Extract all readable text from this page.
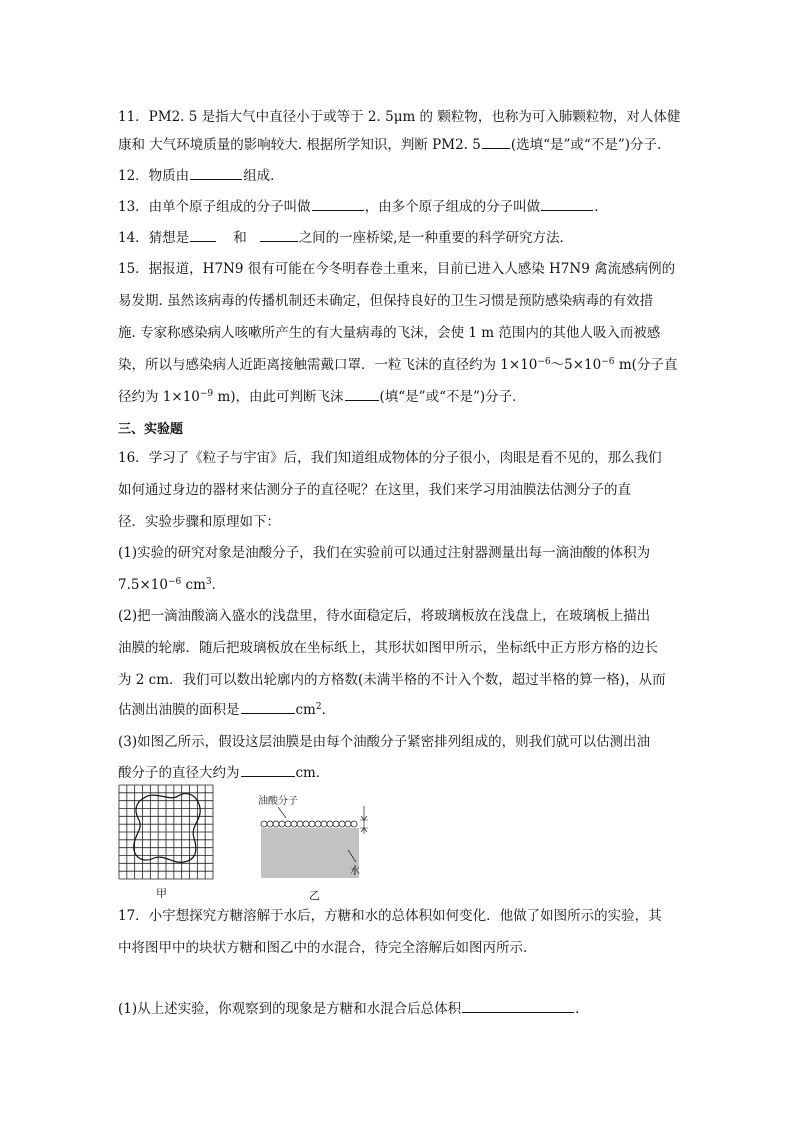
11．PM2. 5 是指大气中直径小于或等于 2. 5μm 的 颗粒物，也称为可入肺颗粒物，对人体健
康和 大气环境质量的影响较大. 根据所学知识，判断 PM2. 5 (选填“是”或“不是”)分子.
12．物质由	组成．
13．由单个原子组成的分子叫做	，由多个原子组成的分子叫做	．
14．猜想是	和	之间的一座桥梁,是一种重要的科学研究方法．
15．据报道，H7N9 很有可能在今冬明春卷土重来，目前已进入人感染 H7N9 禽流感病例的
易发期. 虽然该病毒的传播机制还未确定，但保持良好的卫生习惯是预防感染病毒的有效措
施. 专家称感染病人咳嗽所产生的有大量病毒的飞沫，会使 1 m 范围内的其他人吸入而被感
染，所以与感染病人近距离接触需戴口罩．一粒飞沫的直径约为 $1\times 10^{-6}\sim 5\times 10^{-6}$ m(分子直
径约为 $1\times 10^{-9}$ m)，由此可判断飞沫	(填“是”或“不是”)分子．
三、实验题
16．学习了《粒子与宇宙》后，我们知道组成物体的分子很小，肉眼是看不见的，那么我们
如何通过身边的器材来估测分子的直径呢？在这里，我们来学习用油膜法估测分子的直
径．实验步骤和原理如下：
(1)实验的研究对象是油酸分子，我们在实验前可以通过注射器测量出每一滴油酸的体积为
$7.5\times 10^{-6}$ $cm^3$．
(2)把一滴油酸滴入盛水的浅盘里，待水面稳定后，将玻璃板放在浅盘上，在玻璃板上描出
油膜的轮廓．随后把玻璃板放在坐标纸上，其形状如图甲所示，坐标纸中正方形方格的边长
为 2 cm．我们可以数出轮廓内的方格数(未满半格的不计入个数，超过半格的算一格)，从而
估测出油膜的面积是	$cm^2$．
(3)如图乙所示，假设这层油膜是由每个油酸分子紧密排列组成的，则我们就可以估测出油
酸分子的直径大约为	cm．
甲
油酸分子
水
乙
17．小宇想探究方糖溶解于水后，方糖和水的总体积如何变化．他做了如图所示的实验，其
中将图甲中的块状方糖和图乙中的水混合，待完全溶解后如图丙所示．
(1)从上述实验，你观察到的现象是方糖和水混合后总体积	．
